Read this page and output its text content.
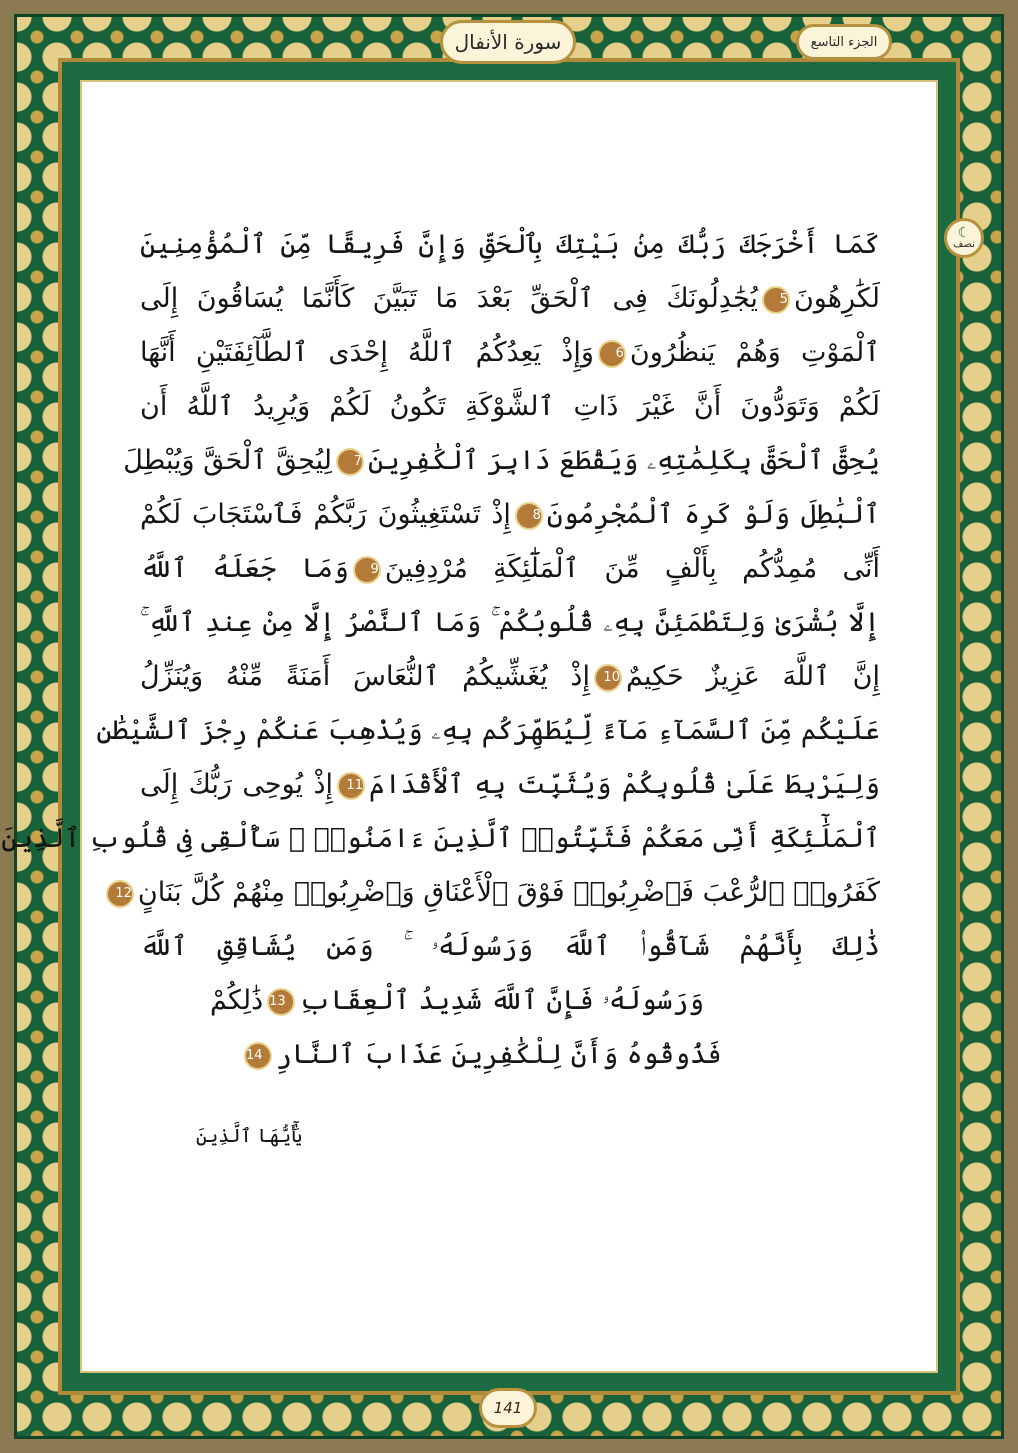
الجزء التاسع
سورة الأنفال
☾
نصف
كَمَا أَخْرَجَكَ رَبُّكَ مِنۢ بَيْتِكَ بِٱلْحَقِّ وَإِنَّ فَرِيقًا مِّنَ ٱلْمُؤْمِنِينَ
لَكَٰرِهُونَ5يُجَٰدِلُونَكَ فِى ٱلْحَقِّ بَعْدَ مَا تَبَيَّنَ كَأَنَّمَا يُسَاقُونَ إِلَى
ٱلْمَوْتِ وَهُمْ يَنظُرُونَ6وَإِذْ يَعِدُكُمُ ٱللَّهُ إِحْدَى ٱلطَّآئِفَتَيْنِ أَنَّهَا
لَكُمْ وَتَوَدُّونَ أَنَّ غَيْرَ ذَاتِ ٱلشَّوْكَةِ تَكُونُ لَكُمْ وَيُرِيدُ ٱللَّهُ أَن
يُحِقَّ ٱلْحَقَّ بِكَلِمَٰتِهِۦ وَيَقْطَعَ دَابِرَ ٱلْكَٰفِرِينَ7لِيُحِقَّ ٱلْحَقَّ وَيُبْطِلَ
ٱلْبَٰطِلَ وَلَوْ كَرِهَ ٱلْمُجْرِمُونَ8إِذْ تَسْتَغِيثُونَ رَبَّكُمْ فَٱسْتَجَابَ لَكُمْ
أَنِّى مُمِدُّكُم بِأَلْفٍ مِّنَ ٱلْمَلَٰٓئِكَةِ مُرْدِفِينَ9وَمَا جَعَلَهُ ٱللَّهُ
إِلَّا بُشْرَىٰ وَلِتَطْمَئِنَّ بِهِۦ قُلُوبُكُمْ ۚ وَمَا ٱلنَّصْرُ إِلَّا مِنْ عِندِ ٱللَّهِ ۚ
إِنَّ ٱللَّهَ عَزِيزٌ حَكِيمٌ10إِذْ يُغَشِّيكُمُ ٱلنُّعَاسَ أَمَنَةً مِّنْهُ وَيُنَزِّلُ
عَلَيْكُم مِّنَ ٱلسَّمَآءِ مَآءً لِّيُطَهِّرَكُم بِهِۦ وَيُذْهِبَ عَنكُمْ رِجْزَ ٱلشَّيْطَٰنِ
وَلِيَرْبِطَ عَلَىٰ قُلُوبِكُمْ وَيُثَبِّتَ بِهِ ٱلْأَقْدَامَ11إِذْ يُوحِى رَبُّكَ إِلَى
ٱلْمَلَٰٓئِكَةِ أَنِّى مَعَكُمْ فَثَبِّتُوا۟ ٱلَّذِينَ ءَامَنُوا۟ ۚ سَأُلْقِى فِى قُلُوبِ ٱلَّذِينَ
كَفَرُوا۟ ٱلرُّعْبَ فَٱضْرِبُوا۟ فَوْقَ ٱلْأَعْنَاقِ وَٱضْرِبُوا۟ مِنْهُمْ كُلَّ بَنَانٍ12
ذَٰلِكَ بِأَنَّهُمْ شَآقُّوا۟ ٱللَّهَ وَرَسُولَهُۥ ۚ وَمَن يُشَاقِقِ ٱللَّهَ
وَرَسُولَهُۥ فَإِنَّ ٱللَّهَ شَدِيدُ ٱلْعِقَابِ13ذَٰلِكُمْ
فَذُوقُوهُ وَأَنَّ لِلْكَٰفِرِينَ عَذَابَ ٱلنَّارِ14
يَٰٓأَيُّهَا ٱلَّذِينَ
141
